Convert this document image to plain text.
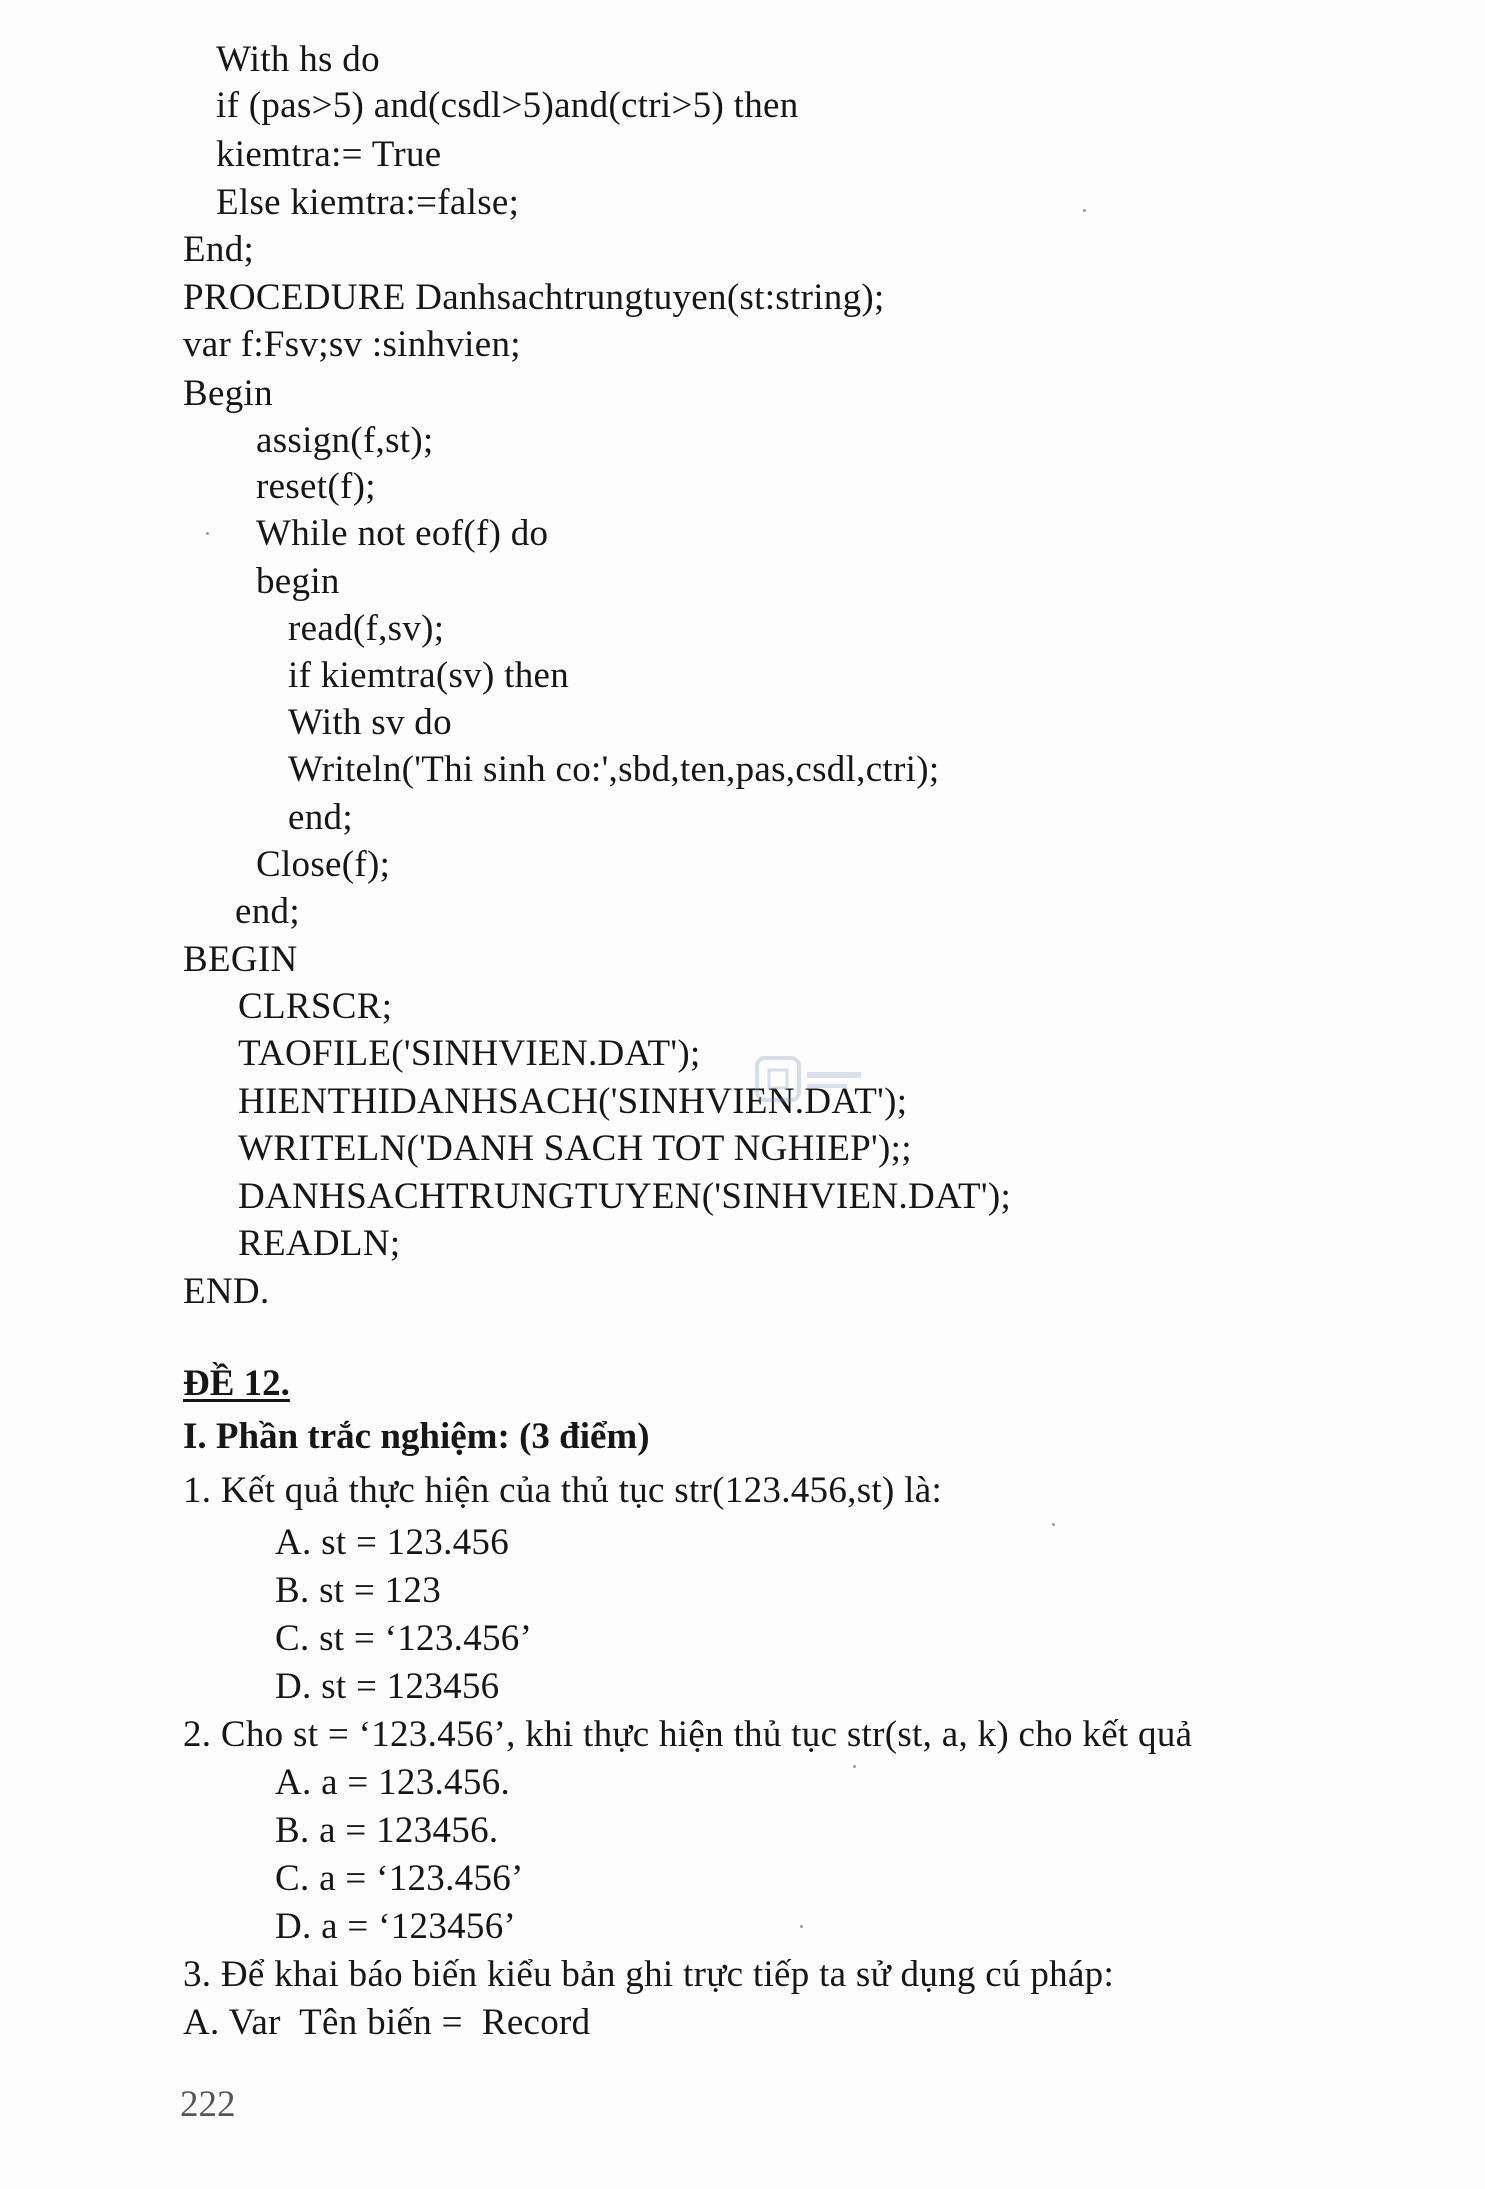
With hs do
if (pas>5) and(csdl>5)and(ctri>5) then
kiemtra:= True
Else kiemtra:=false;
End;
PROCEDURE Danhsachtrungtuyen(st:string);
var f:Fsv;sv :sinhvien;
Begin
assign(f,st);
reset(f);
While not eof(f) do
begin
read(f,sv);
if kiemtra(sv) then
With sv do
Writeln('Thi sinh co:',sbd,ten,pas,csdl,ctri);
end;
Close(f);
end;
BEGIN
CLRSCR;
TAOFILE('SINHVIEN.DAT');
HIENTHIDANHSACH('SINHVIEN.DAT');
WRITELN('DANH SACH TOT NGHIEP');;
DANHSACHTRUNGTUYEN('SINHVIEN.DAT');
READLN;
END.
ĐỀ 12.
I. Phần trắc nghiệm: (3 điểm)
1. Kết quả thực hiện của thủ tục str(123.456,st) là:
A. st = 123.456
B. st = 123
C. st = ‘123.456’
D. st = 123456
2. Cho st = ‘123.456’, khi thực hiện thủ tục str(st, a, k) cho kết quả
A. a = 123.456.
B. a = 123456.
C. a = ‘123.456’
D. a = ‘123456’
3. Để khai báo biến kiểu bản ghi trực tiếp ta sử dụng cú pháp:
A. Var  Tên biến =  Record
222
